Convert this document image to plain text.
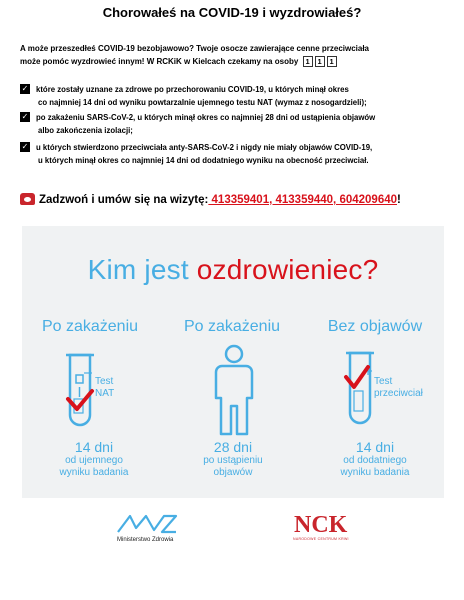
Chorowałeś na COVID-19 i wyzdrowiałeś?
A może przeszedłeś COVID-19 bezobjawowo? Twoje osocze zawierające cenne przeciwciała
może pomóc wyzdrowieć innym! W RCKiK w Kielcach czekamy na osoby 1 1 1
✓ które zostały uznane za zdrowe po przechorowaniu COVID-19, u których minął okres
co najmniej 14 dni od wyniku powtarzalnie ujemnego testu NAT (wymaz z nosogardzieli);
✓ po zakażeniu SARS-CoV-2, u których minął okres co najmniej 28 dni od ustąpienia objawów
albo zakończenia izolacji;
✓ u których stwierdzono przeciwciała anty-SARS-CoV-2 i nigdy nie miały objawów COVID-19,
u których minął okres co najmniej 14 dni od dodatniego wyniku na obecność przeciwciał.
Zadzwoń i umów się na wizytę: 413359401, 413359440, 604209640!
Kim jest ozdrowieniec?
Po zakażeniu
Test
NAT
14 dni
od ujemnego
wyniku badania
Po zakażeniu
28 dni
po ustąpieniu
objawów
Bez objawów
Test
przeciwciał
14 dni
od dodatniego
wyniku badania
NCK
Ministerstwo Zdrowia	NARODOWE CENTRUM KRWI
